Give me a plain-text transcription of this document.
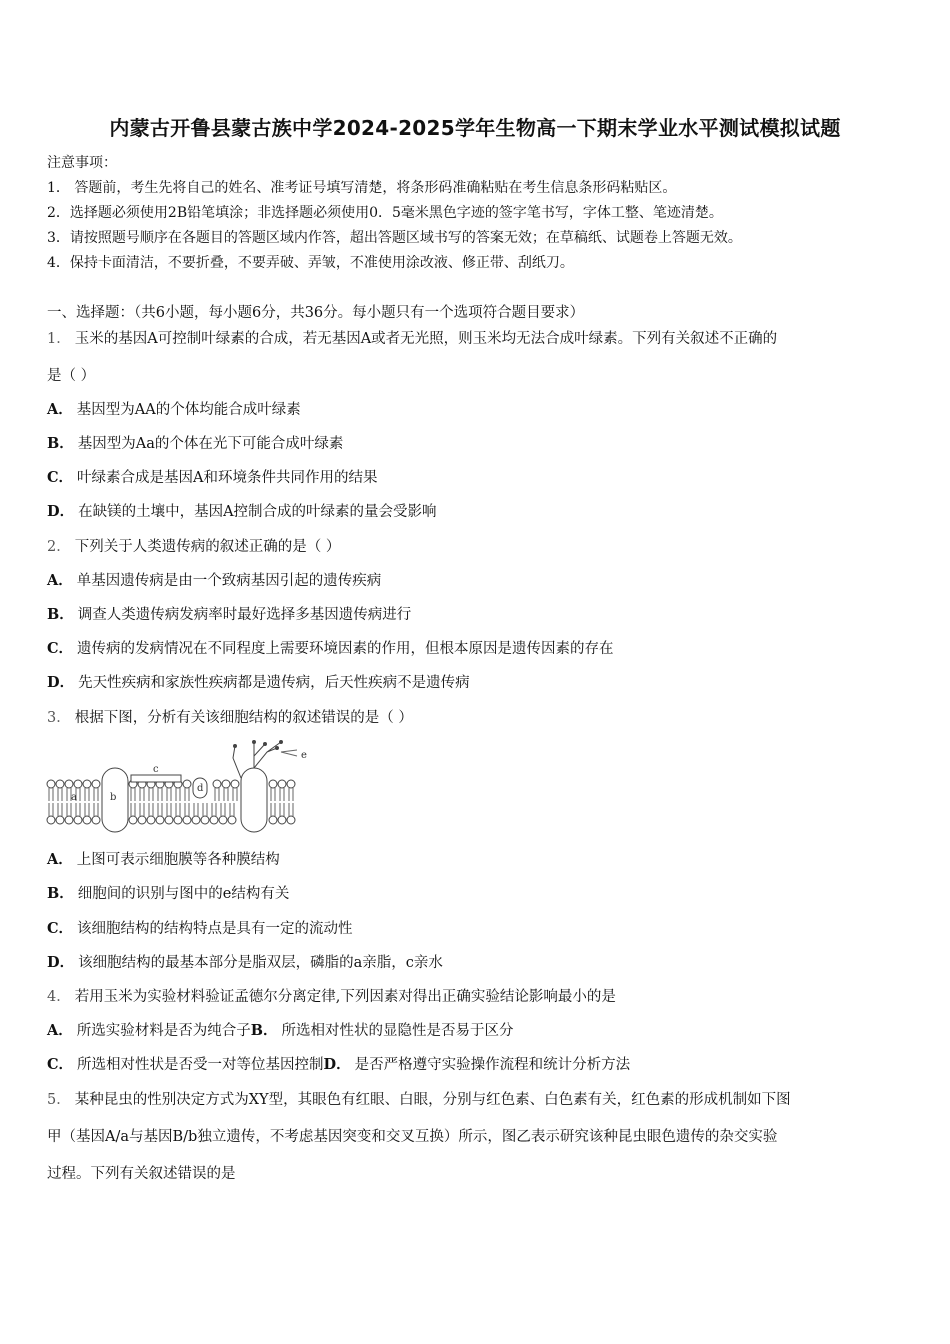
内蒙古开鲁县蒙古族中学2024-2025学年生物高一下期末学业水平测试模拟试题
注意事项：
1． 答题前，考生先将自己的姓名、准考证号填写清楚，将条形码准确粘贴在考生信息条形码粘贴区。
2．选择题必须使用2B铅笔填涂；非选择题必须使用0．5毫米黑色字迹的签字笔书写，字体工整、笔迹清楚。
3．请按照题号顺序在各题目的答题区域内作答，超出答题区域书写的答案无效；在草稿纸、试题卷上答题无效。
4．保持卡面清洁，不要折叠，不要弄破、弄皱，不准使用涂改液、修正带、刮纸刀。
一、选择题：（共6小题，每小题6分，共36分。每小题只有一个选项符合题目要求）
1． 玉米的基因A可控制叶绿素的合成，若无基因A或者无光照，则玉米均无法合成叶绿素。下列有关叙述不正确的
是（ ）
A． 基因型为AA的个体均能合成叶绿素
B． 基因型为Aa的个体在光下可能合成叶绿素
C． 叶绿素合成是基因A和环境条件共同作用的结果
D． 在缺镁的土壤中，基因A控制合成的叶绿素的量会受影响
2． 下列关于人类遗传病的叙述正确的是（ ）
A． 单基因遗传病是由一个致病基因引起的遗传疾病
B． 调查人类遗传病发病率时最好选择多基因遗传病进行
C． 遗传病的发病情况在不同程度上需要环境因素的作用，但根本原因是遗传因素的存在
D． 先天性疾病和家族性疾病都是遗传病，后天性疾病不是遗传病
3． 根据下图，分析有关该细胞结构的叙述错误的是（ ）
a	b
c
d
e
A． 上图可表示细胞膜等各种膜结构
B． 细胞间的识别与图中的e结构有关
C． 该细胞结构的结构特点是具有一定的流动性
D． 该细胞结构的最基本部分是脂双层，磷脂的a亲脂，c亲水
4． 若用玉米为实验材料验证孟德尔分离定律,下列因素对得出正确实验结论影响最小的是
A． 所选实验材料是否为纯合子B． 所选相对性状的显隐性是否易于区分
C． 所选相对性状是否受一对等位基因控制D． 是否严格遵守实验操作流程和统计分析方法
5． 某种昆虫的性别决定方式为XY型，其眼色有红眼、白眼，分别与红色素、白色素有关，红色素的形成机制如下图
甲（基因A/a与基因B/b独立遗传，不考虑基因突变和交叉互换）所示，图乙表示研究该种昆虫眼色遗传的杂交实验
过程。下列有关叙述错误的是
